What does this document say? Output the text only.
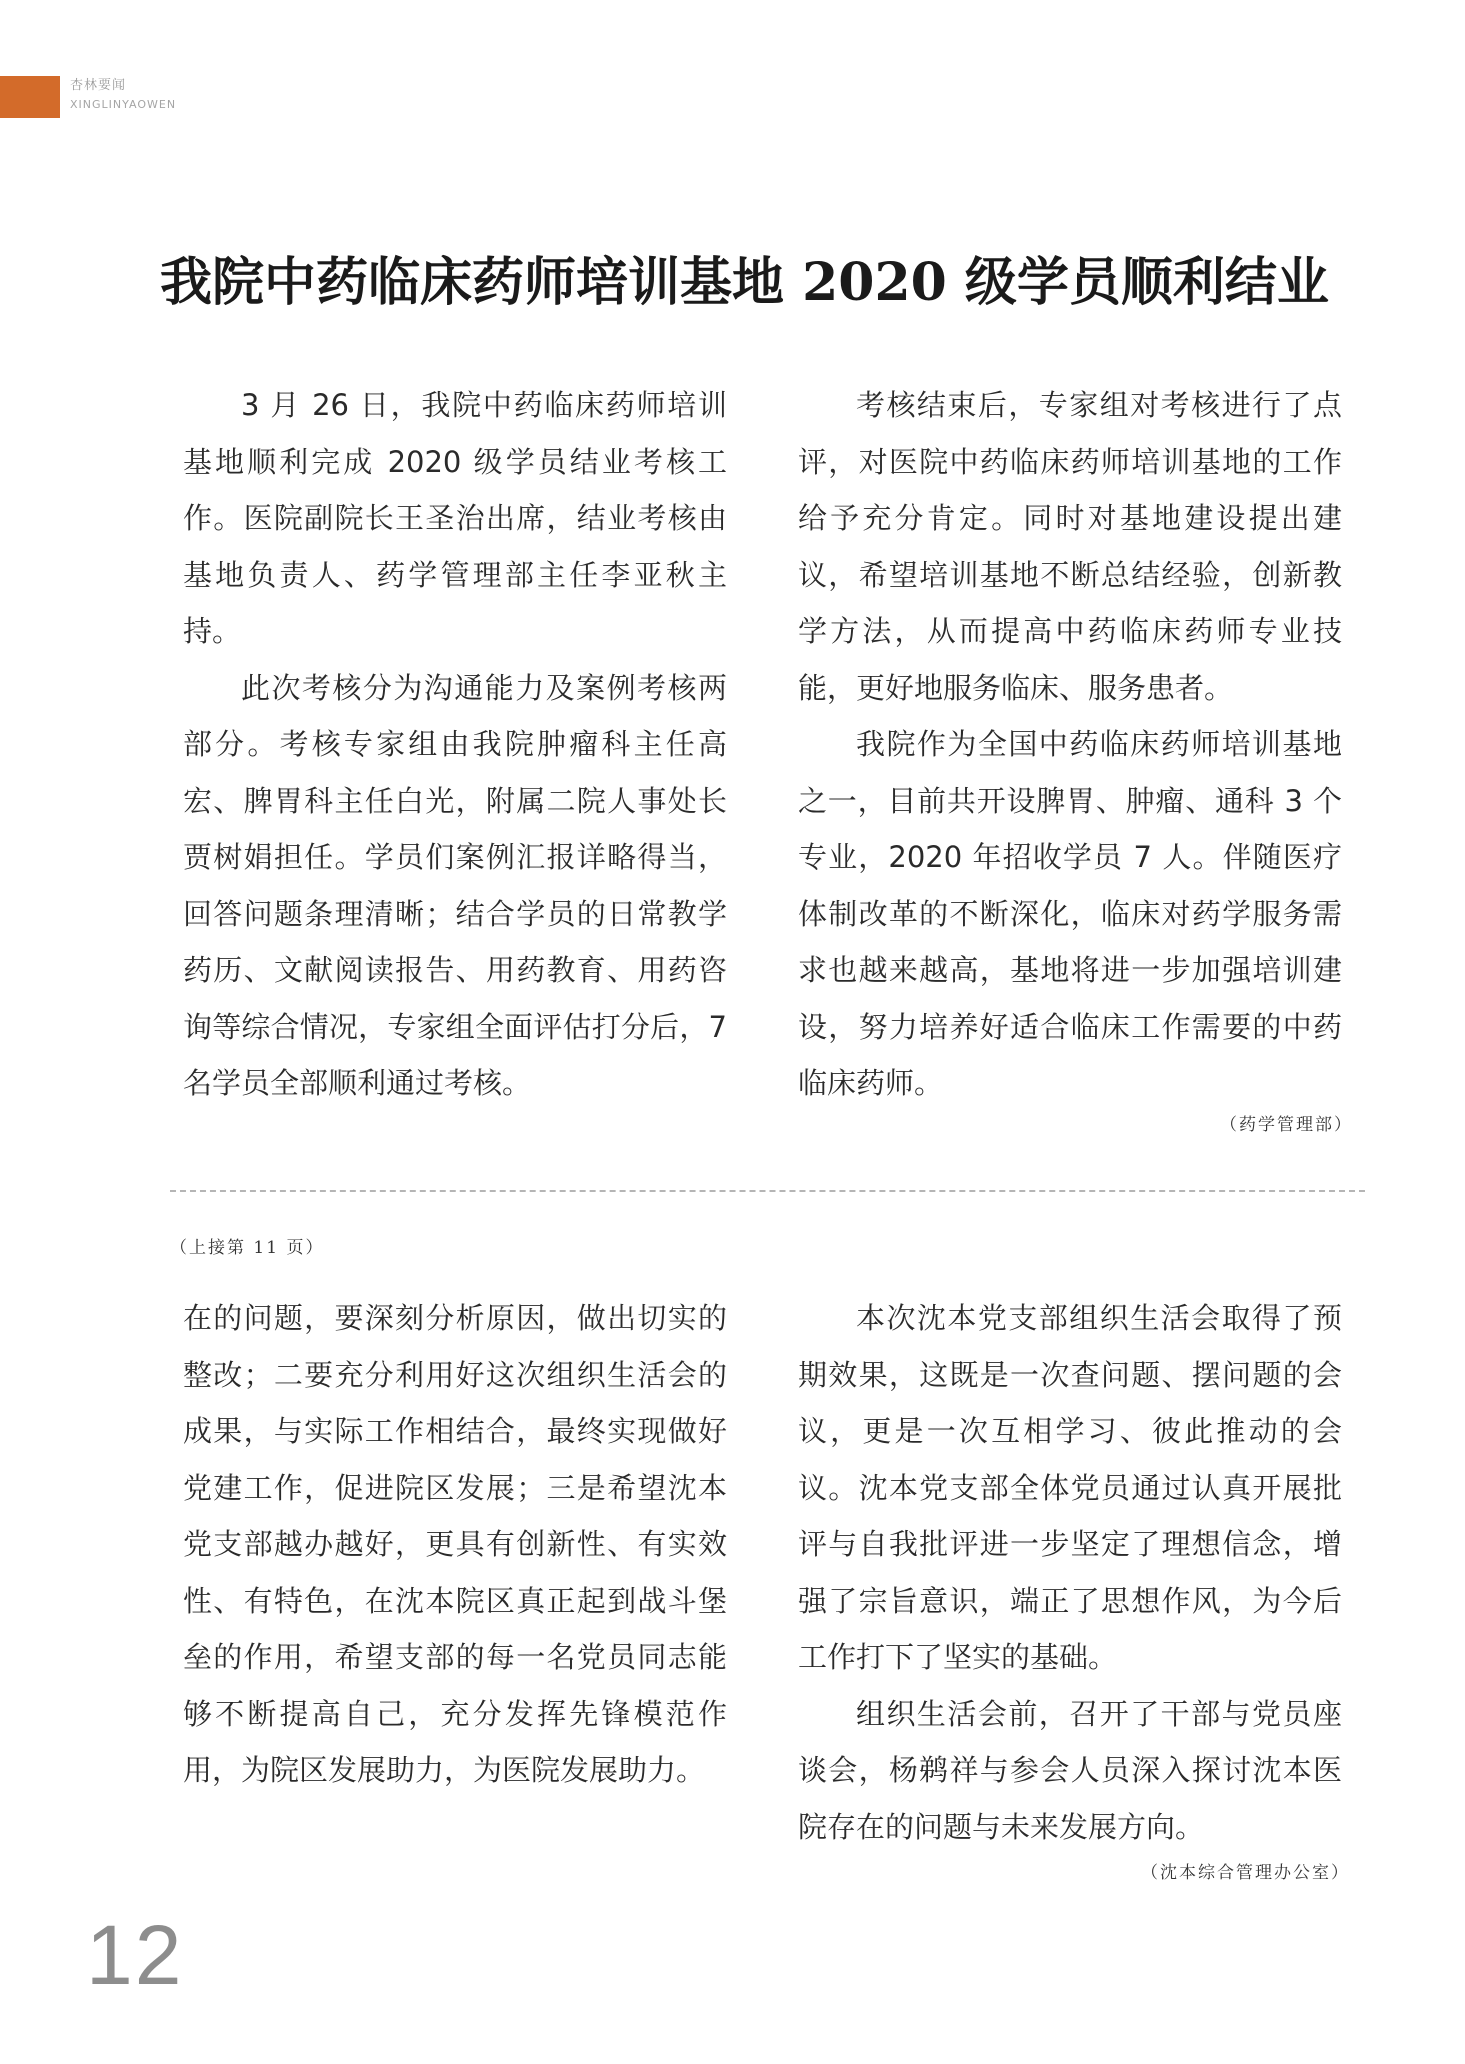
杏林要闻
XINGLINYAOWEN
我院中药临床药师培训基地 2020 级学员顺利结业

3 月 26 日，我院中药临床药师培训基地顺利完成 2020 级学员结业考核工作。医院副院长王圣治出席，结业考核由基地负责人、药学管理部主任李亚秋主持。

此次考核分为沟通能力及案例考核两部分。考核专家组由我院肿瘤科主任高宏、脾胃科主任白光，附属二院人事处长贾树娟担任。学员们案例汇报详略得当，回答问题条理清晰；结合学员的日常教学药历、文献阅读报告、用药教育、用药咨询等综合情况，专家组全面评估打分后，7 名学员全部顺利通过考核。

考核结束后，专家组对考核进行了点评，对医院中药临床药师培训基地的工作给予充分肯定。同时对基地建设提出建议，希望培训基地不断总结经验，创新教学方法，从而提高中药临床药师专业技能，更好地服务临床、服务患者。

我院作为全国中药临床药师培训基地之一，目前共开设脾胃、肿瘤、通科 3 个专业，2020 年招收学员 7 人。伴随医疗体制改革的不断深化，临床对药学服务需求也越来越高，基地将进一步加强培训建设，努力培养好适合临床工作需要的中药临床药师。

（药学管理部）
（上接第 11 页）

在的问题，要深刻分析原因，做出切实的整改；二要充分利用好这次组织生活会的成果，与实际工作相结合，最终实现做好党建工作，促进院区发展；三是希望沈本党支部越办越好，更具有创新性、有实效性、有特色，在沈本院区真正起到战斗堡垒的作用，希望支部的每一名党员同志能够不断提高自己，充分发挥先锋模范作用，为院区发展助力，为医院发展助力。

本次沈本党支部组织生活会取得了预期效果，这既是一次查问题、摆问题的会议，更是一次互相学习、彼此推动的会议。沈本党支部全体党员通过认真开展批评与自我批评进一步坚定了理想信念，增强了宗旨意识，端正了思想作风，为今后工作打下了坚实的基础。

组织生活会前，召开了干部与党员座谈会，杨鹈祥与参会人员深入探讨沈本医院存在的问题与未来发展方向。

（沈本综合管理办公室）
12
